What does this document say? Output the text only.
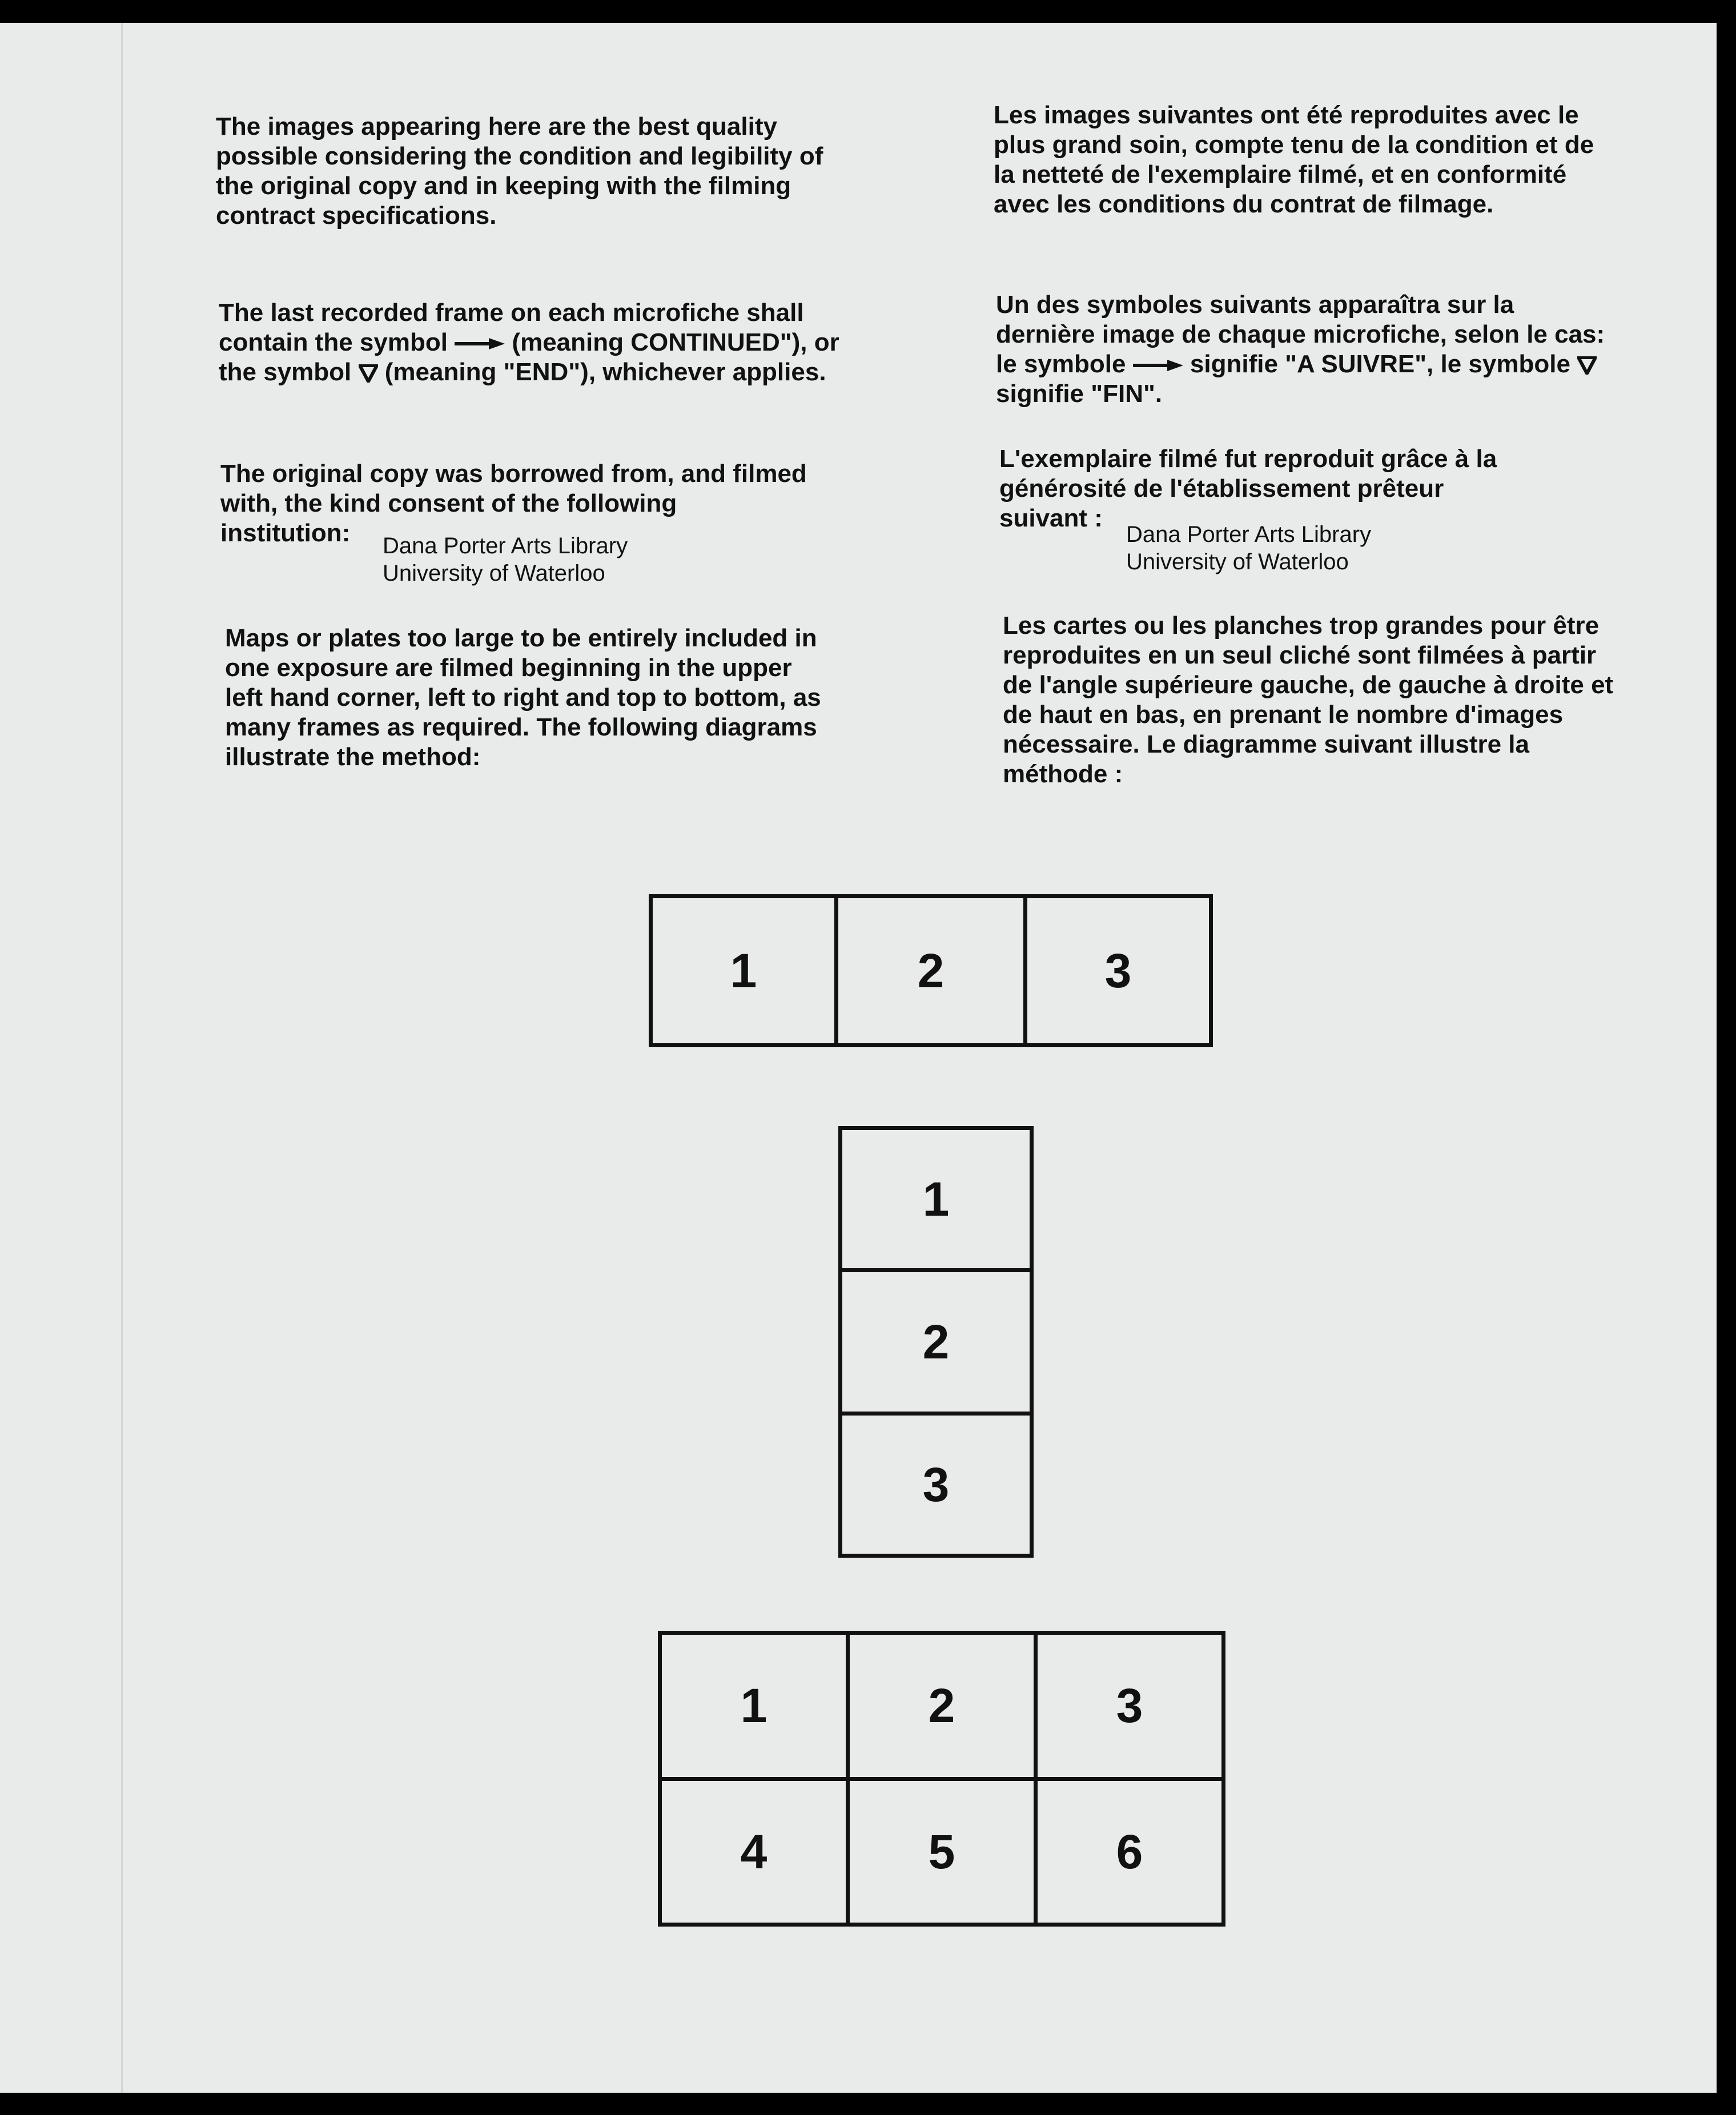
The images appearing here are the best quality possible considering the condition and legibility of the original copy and in keeping with the filming contract specifications.

The last recorded frame on each microfiche shall contain the symbol	(meaning CONTINUED"), or the symbol (meaning "END"), whichever applies.

The original copy was borrowed from, and filmed with, the kind consent of the following

institution:	Dana Porter Arts Library

University of Waterloo

Maps or plates too large to be entirely included in one exposure are filmed beginning in the upper left hand corner, left to right and top to bottom, as many frames as required. The following diagrams illustrate the method:

Les images suivantes ont été reproduites avec le plus grand soin, compte tenu de la condition et de la netteté de l'exemplaire filmé, et en conformité avec les conditions du contrat de filmage.

Un des symboles suivants apparaîtra sur la dernière image de chaque microfiche, selon le cas: le symbole	signifie "A SUIVRE", le symbole  signifie "FIN".

L'exemplaire filmé fut reproduit grâce à la générosité de l'établissement prêteur

suivant :

Dana Porter Arts Library

University of Waterloo

Les cartes ou les planches trop grandes pour être reproduites en un seul cliché sont filmées à partir de l'angle supérieure gauche, de gauche à droite et de haut en bas, en prenant le nombre d'images nécessaire. Le diagramme suivant illustre la méthode :

1	2	3
1
2
3
1	2	3
4	5	6
